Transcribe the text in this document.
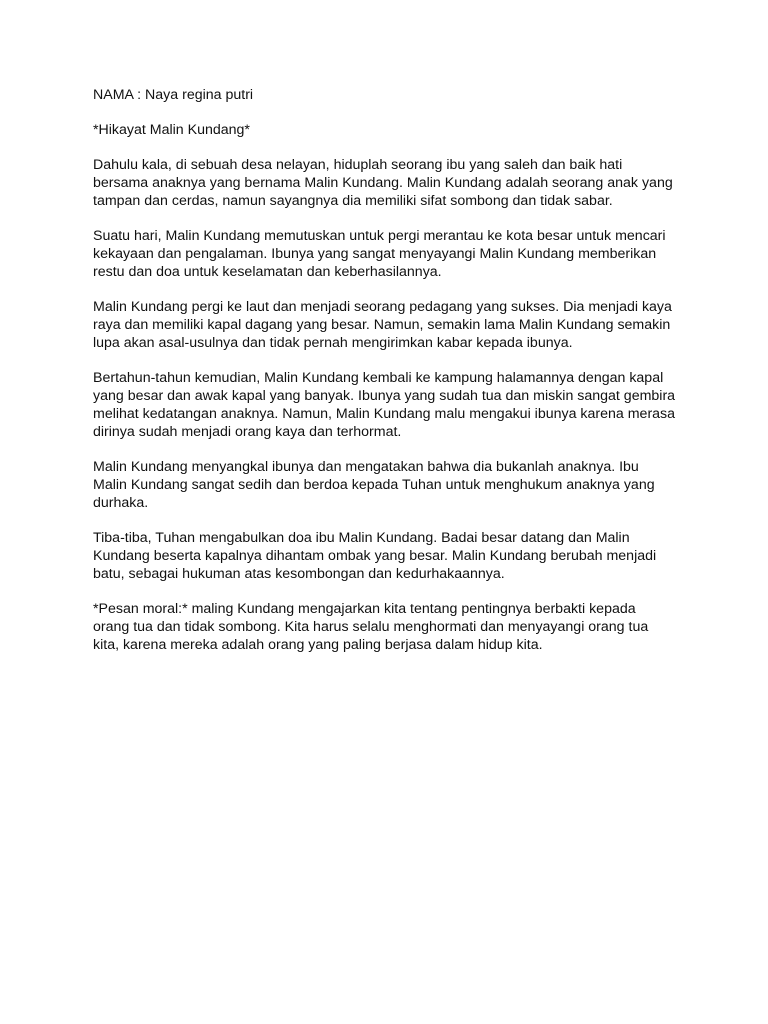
NAMA : Naya regina putri
*Hikayat Malin Kundang*
Dahulu kala, di sebuah desa nelayan, hiduplah seorang ibu yang saleh dan baik hati
bersama anaknya yang bernama Malin Kundang. Malin Kundang adalah seorang anak yang
tampan dan cerdas, namun sayangnya dia memiliki sifat sombong dan tidak sabar.
Suatu hari, Malin Kundang memutuskan untuk pergi merantau ke kota besar untuk mencari
kekayaan dan pengalaman. Ibunya yang sangat menyayangi Malin Kundang memberikan
restu dan doa untuk keselamatan dan keberhasilannya.
Malin Kundang pergi ke laut dan menjadi seorang pedagang yang sukses. Dia menjadi kaya
raya dan memiliki kapal dagang yang besar. Namun, semakin lama Malin Kundang semakin
lupa akan asal-usulnya dan tidak pernah mengirimkan kabar kepada ibunya.
Bertahun-tahun kemudian, Malin Kundang kembali ke kampung halamannya dengan kapal
yang besar dan awak kapal yang banyak. Ibunya yang sudah tua dan miskin sangat gembira
melihat kedatangan anaknya. Namun, Malin Kundang malu mengakui ibunya karena merasa
dirinya sudah menjadi orang kaya dan terhormat.
Malin Kundang menyangkal ibunya dan mengatakan bahwa dia bukanlah anaknya. Ibu
Malin Kundang sangat sedih dan berdoa kepada Tuhan untuk menghukum anaknya yang
durhaka.
Tiba-tiba, Tuhan mengabulkan doa ibu Malin Kundang. Badai besar datang dan Malin
Kundang beserta kapalnya dihantam ombak yang besar. Malin Kundang berubah menjadi
batu, sebagai hukuman atas kesombongan dan kedurhakaannya.
*Pesan moral:* maling Kundang mengajarkan kita tentang pentingnya berbakti kepada
orang tua dan tidak sombong. Kita harus selalu menghormati dan menyayangi orang tua
kita, karena mereka adalah orang yang paling berjasa dalam hidup kita.
